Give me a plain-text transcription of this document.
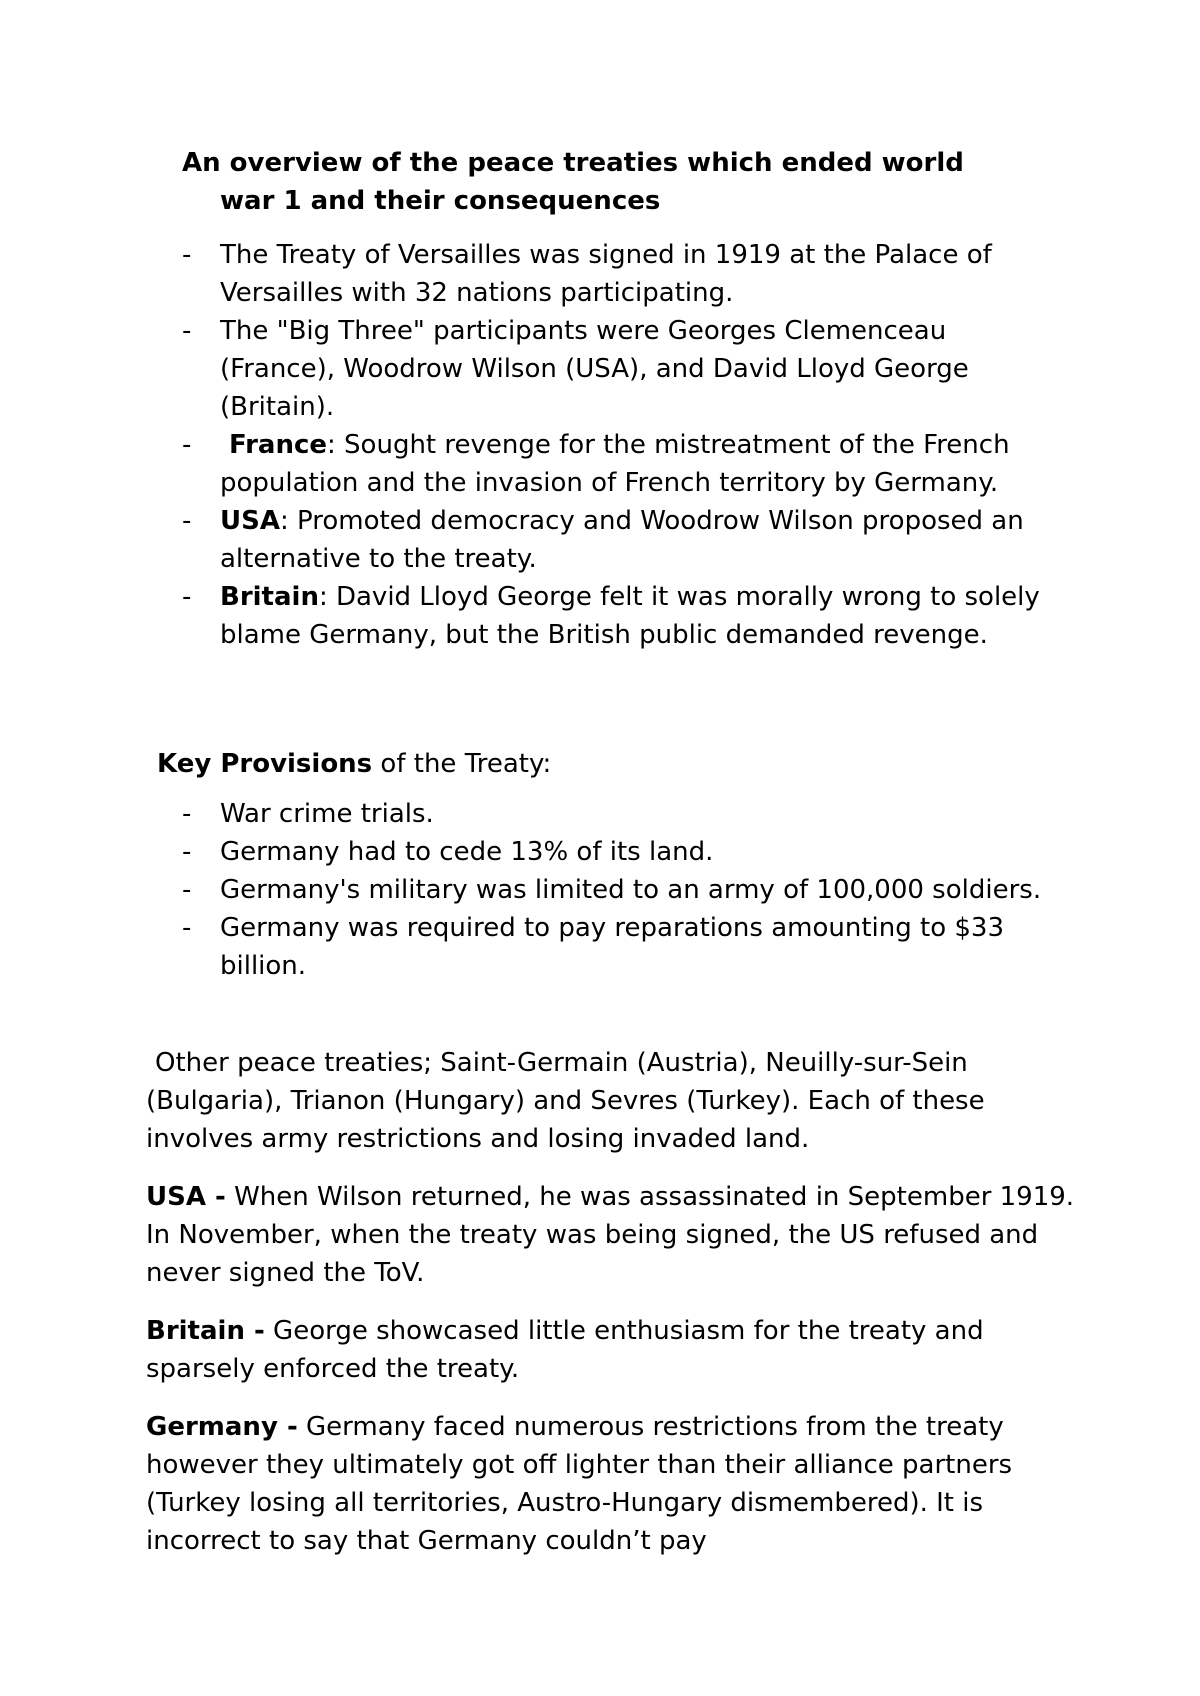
An overview of the peace treaties which ended world
war 1 and their consequences

- The Treaty of Versailles was signed in 1919 at the Palace of Versailles with 32 nations participating.
- The "Big Three" participants were Georges Clemenceau (France), Woodrow Wilson (USA), and David Lloyd George (Britain).
- France: Sought revenge for the mistreatment of the French population and the invasion of French territory by Germany.
- USA: Promoted democracy and Woodrow Wilson proposed an alternative to the treaty.
- Britain: David Lloyd George felt it was morally wrong to solely blame Germany, but the British public demanded revenge.

Key Provisions of the Treaty:

- War crime trials.
- Germany had to cede 13% of its land.
- Germany's military was limited to an army of 100,000 soldiers.
- Germany was required to pay reparations amounting to $33 billion.

Other peace treaties; Saint-Germain (Austria), Neuilly-sur-Sein (Bulgaria), Trianon (Hungary) and Sevres (Turkey). Each of these involves army restrictions and losing invaded land.

USA - When Wilson returned, he was assassinated in September 1919. In November, when the treaty was being signed, the US refused and never signed the ToV.

Britain - George showcased little enthusiasm for the treaty and sparsely enforced the treaty.

Germany - Germany faced numerous restrictions from the treaty however they ultimately got off lighter than their alliance partners (Turkey losing all territories, Austro-Hungary dismembered). It is incorrect to say that Germany couldn’t pay
